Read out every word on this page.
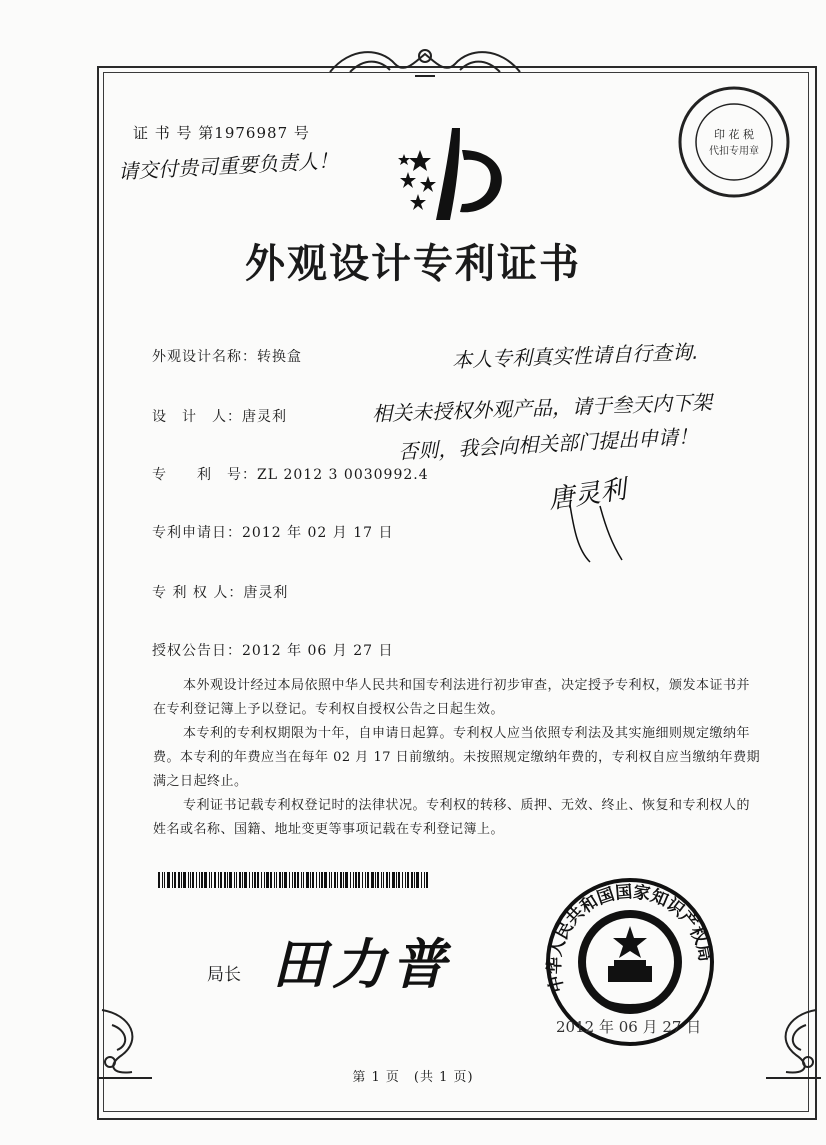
证 书 号 第1976987 号
请交付贵司重要负责人！
印 花 税
代扣专用章
外观设计专利证书
外观设计名称：转换盒
设　计　人：唐灵利
专　　利　号：ZL 2012 3 0030992.4
专利申请日：2012 年 02 月 17 日
专 利 权 人：唐灵利
授权公告日：2012 年 06 月 27 日
本人专利真实性请自行查询.
相关未授权外观产品，请于叁天内下架
否则，我会向相关部门提出申请！
唐灵利

本外观设计经过本局依照中华人民共和国专利法进行初步审查，决定授予专利权，颁发本证书并在专利登记簿上予以登记。专利权自授权公告之日起生效。

本专利的专利权期限为十年，自申请日起算。专利权人应当依照专利法及其实施细则规定缴纳年费。本专利的年费应当在每年 02 月 17 日前缴纳。未按照规定缴纳年费的，专利权自应当缴纳年费期满之日起终止。

专利证书记载专利权登记时的法律状况。专利权的转移、质押、无效、终止、恢复和专利权人的姓名或名称、国籍、地址变更等事项记载在专利登记簿上。

局长 田力普	中华人民共和国国家知识产权局
2012 年 06 月 27 日
第 1 页　(共 1 页)
